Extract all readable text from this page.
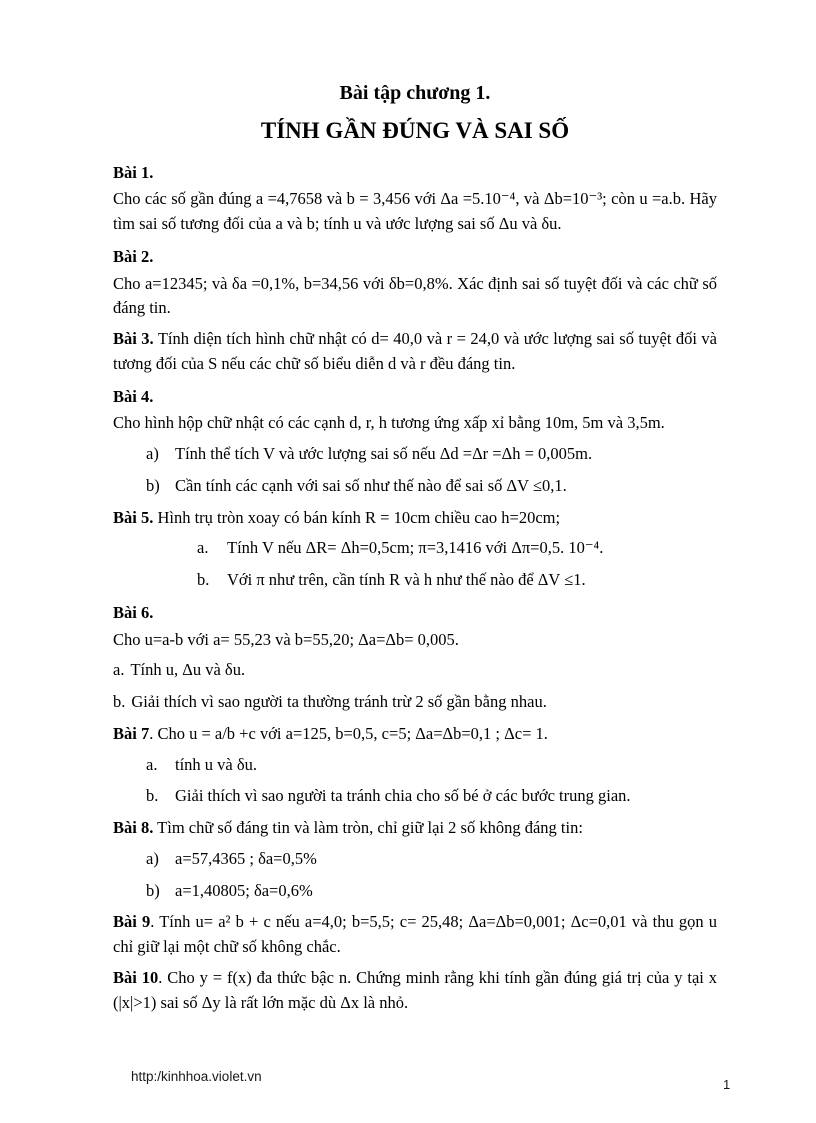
Bài tập chương 1.

TÍNH GẦN ĐÚNG VÀ SAI SỐ

Bài 1.

Cho các số gần đúng a =4,7658 và b = 3,456 với Δa =5.10⁻⁴, và Δb=10⁻³; còn u =a.b. Hãy tìm sai số tương đối của a và b; tính u và ước lượng sai số Δu và δu.

Bài 2.

Cho a=12345; và δa =0,1%, b=34,56 với δb=0,8%. Xác định sai số tuyệt đối và các chữ số đáng tin.

Bài 3. Tính diện tích hình chữ nhật có d= 40,0 và r = 24,0 và ước lượng sai số tuyệt đối và tương đối của S nếu các chữ số biểu diễn d và r đều đáng tin.

Bài 4.

Cho hình hộp chữ nhật có các cạnh d, r, h tương ứng xấp xỉ bằng 10m, 5m và 3,5m.

a) Tính thể tích V và ước lượng sai số nếu Δd =Δr =Δh = 0,005m.

b) Cần tính các cạnh với sai số như thế nào để sai số ΔV ≤0,1.

Bài 5. Hình trụ tròn xoay có bán kính R = 10cm chiều cao h=20cm;

a. Tính V nếu ΔR= Δh=0,5cm; π=3,1416 với Δπ=0,5. 10⁻⁴.

b. Với π như trên, cần tính R và h như thế nào để ΔV ≤1.

Bài 6.

Cho u=a-b với a= 55,23 và b=55,20; Δa=Δb= 0,005.

a. Tính u, Δu và δu.

b. Giải thích vì sao người ta thường tránh trừ 2 số gần bằng nhau.

Bài 7. Cho u = a/b +c với a=125, b=0,5, c=5; Δa=Δb=0,1 ; Δc= 1.

a. tính u và δu.

b. Giải thích vì sao người ta tránh chia cho số bé ở các bước trung gian.

Bài 8. Tìm chữ số đáng tin và làm tròn, chỉ giữ lại 2 số không đáng tin:

a) a=57,4365 ; δa=0,5%

b) a=1,40805; δa=0,6%

Bài 9. Tính u= a² b + c nếu a=4,0; b=5,5; c= 25,48; Δa=Δb=0,001; Δc=0,01 và thu gọn u chỉ giữ lại một chữ số không chắc.

Bài 10. Cho y = f(x) đa thức bậc n. Chứng minh rằng khi tính gần đúng giá trị của y tại x (|x|>1) sai số Δy là rất lớn mặc dù Δx là nhỏ.

http:/kinhhoa.violet.vn
1
